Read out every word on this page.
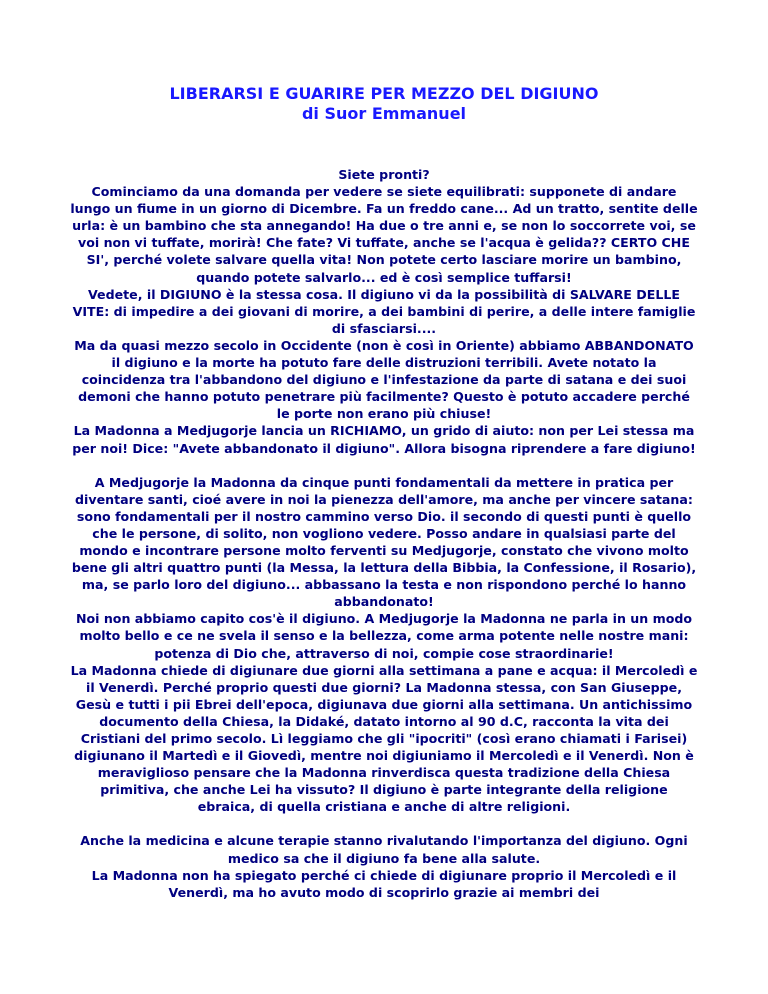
LIBERARSI E GUARIRE PER MEZZO DEL DIGIUNO
di Suor Emmanuel
Siete pronti?
Cominciamo da una domanda per vedere se siete equilibrati: supponete di andare lungo un fiume in un giorno di Dicembre. Fa un freddo cane... Ad un tratto, sentite delle urla: è un bambino che sta annegando! Ha due o tre anni e, se non lo soccorrete voi, se voi non vi tuffate, morirà! Che fate? Vi tuffate, anche se l'acqua è gelida?? CERTO CHE SI', perché volete salvare quella vita! Non potete certo lasciare morire un bambino, quando potete salvarlo... ed è così semplice tuffarsi!
Vedete, il DIGIUNO è la stessa cosa. Il digiuno vi da la possibilità di SALVARE DELLE VITE: di impedire a dei giovani di morire, a dei bambini di perire, a delle intere famiglie di sfasciarsi....
Ma da quasi mezzo secolo in Occidente (non è così in Oriente) abbiamo ABBANDONATO il digiuno e la morte ha potuto fare delle distruzioni terribili. Avete notato la coincidenza tra l'abbandono del digiuno e l'infestazione da parte di satana e dei suoi demoni che hanno potuto penetrare più facilmente? Questo è potuto accadere perché le porte non erano più chiuse!
La Madonna a Medjugorje lancia un RICHIAMO, un grido di aiuto: non per Lei stessa ma per noi! Dice: "Avete abbandonato il digiuno". Allora bisogna riprendere a fare digiuno!
A Medjugorje la Madonna da cinque punti fondamentali da mettere in pratica per diventare santi, cioé avere in noi la pienezza dell'amore, ma anche per vincere satana: sono fondamentali per il nostro cammino verso Dio. il secondo di questi punti è quello che le persone, di solito, non vogliono vedere. Posso andare in qualsiasi parte del mondo e incontrare persone molto ferventi su Medjugorje, constato che vivono molto bene gli altri quattro punti (la Messa, la lettura della Bibbia, la Confessione, il Rosario), ma, se parlo loro del digiuno... abbassano la testa e non rispondono perché lo hanno abbandonato!
Noi non abbiamo capito cos'è il digiuno. A Medjugorje la Madonna ne parla in un modo molto bello e ce ne svela il senso e la bellezza, come arma potente nelle nostre mani: potenza di Dio che, attraverso di noi, compie cose straordinarie!
La Madonna chiede di digiunare due giorni alla settimana a pane e acqua: il Mercoledì e il Venerdì. Perché proprio questi due giorni? La Madonna stessa, con San Giuseppe, Gesù e tutti i pii Ebrei dell'epoca, digiunava due giorni alla settimana. Un antichissimo documento della Chiesa, la Didaké, datato intorno al 90 d.C, racconta la vita dei Cristiani del primo secolo. Lì leggiamo che gli "ipocriti" (così erano chiamati i Farisei) digiunano il Martedì e il Giovedì, mentre noi digiuniamo il Mercoledì e il Venerdì. Non è meraviglioso pensare che la Madonna rinverdisca questa tradizione della Chiesa primitiva, che anche Lei ha vissuto? Il digiuno è parte integrante della religione ebraica, di quella cristiana e anche di altre religioni.
Anche la medicina e alcune terapie stanno rivalutando l'importanza del digiuno. Ogni medico sa che il digiuno fa bene alla salute.
La Madonna non ha spiegato perché ci chiede di digiunare proprio il Mercoledì e il Venerdì, ma ho avuto modo di scoprirlo grazie ai membri dei
